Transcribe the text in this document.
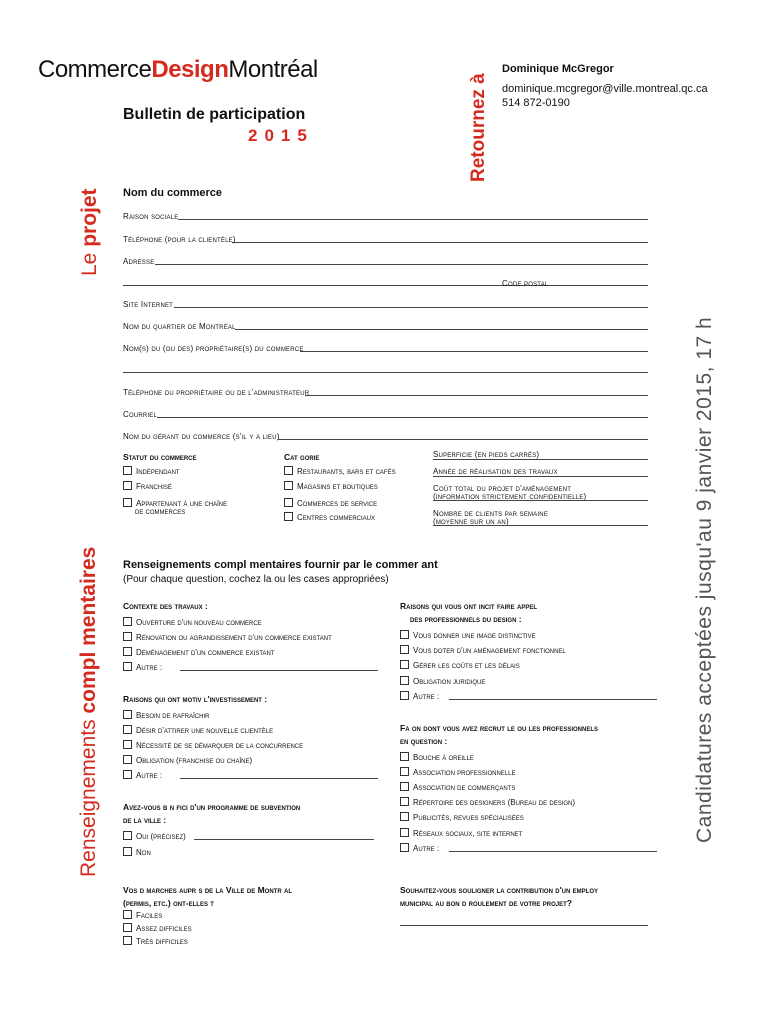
CommerceDesignMontréal
Bulletin de participation
2015	Retournez à
Dominique McGregor
dominique.mcgregor@ville.montreal.qc.ca
514 872-0190
Le projet
Renseignements compl mentaires	Candidatures acceptées jusqu'au 9 janvier 2015, 17 h
Nom du commerce
Raison sociale
Téléphone (pour la clientèle)
Adresse
Code postal
Site Internet
Nom du quartier de Montréal
Nom(s) du (ou des) propriétaire(s) du commerce
Téléphone du propriétaire ou de l'administrateur
Courriel
Nom du gérant du commerce (s'il y a lieu)
Statut du commerce
Indépendant
Franchisé
Appartenant à une chaîne
de commerces
Cat gorie
Restaurants, bars et cafés
Magasins et boutiques
Commerces de service
Centres commerciaux
Superficie (en pieds carrés)
Année de réalisation des travaux
Coût total du projet d'aménagement
(information strictement confidentielle)
Nombre de clients par semaine
(moyenne sur un an)
Renseignements compl mentaires fournir par le commer ant
(Pour chaque question, cochez la ou les cases appropriées)
Contexte des travaux :
Ouverture d'un nouveau commerce
Rénovation ou agrandissement d'un commerce existant
Déménagement d'un commerce existant
Autre :
Raisons qui ont motiv l'investissement :
Besoin de rafraîchir
Désir d'attirer une nouvelle clientèle
Nécessité de se démarquer de la concurrence
Obligation (franchise ou chaîne)
Autre :
Avez-vous b n fici d'un programme de subvention
de la ville :
Oui (précisez)
Non
Vos d marches aupr s de la Ville de Montr al
(permis, etc.) ont-elles t
Faciles
Assez difficiles
Très difficiles
Raisons qui vous ont incit faire appel
des professionnels du design :
Vous donner une image distinctive
Vous doter d'un aménagement fonctionnel
Gérer les coûts et les délais
Obligation juridique
Autre :
Fa on dont vous avez recrut le ou les professionnels
en question :
Bouche à oreille
Association professionnelle
Association de commerçants
Répertoire des designers (Bureau de design)
Publicités, revues spécialisées
Réseaux sociaux, site internet
Autre :
Souhaitez-vous souligner la contribution d'un employ
municipal au bon d roulement de votre projet?
